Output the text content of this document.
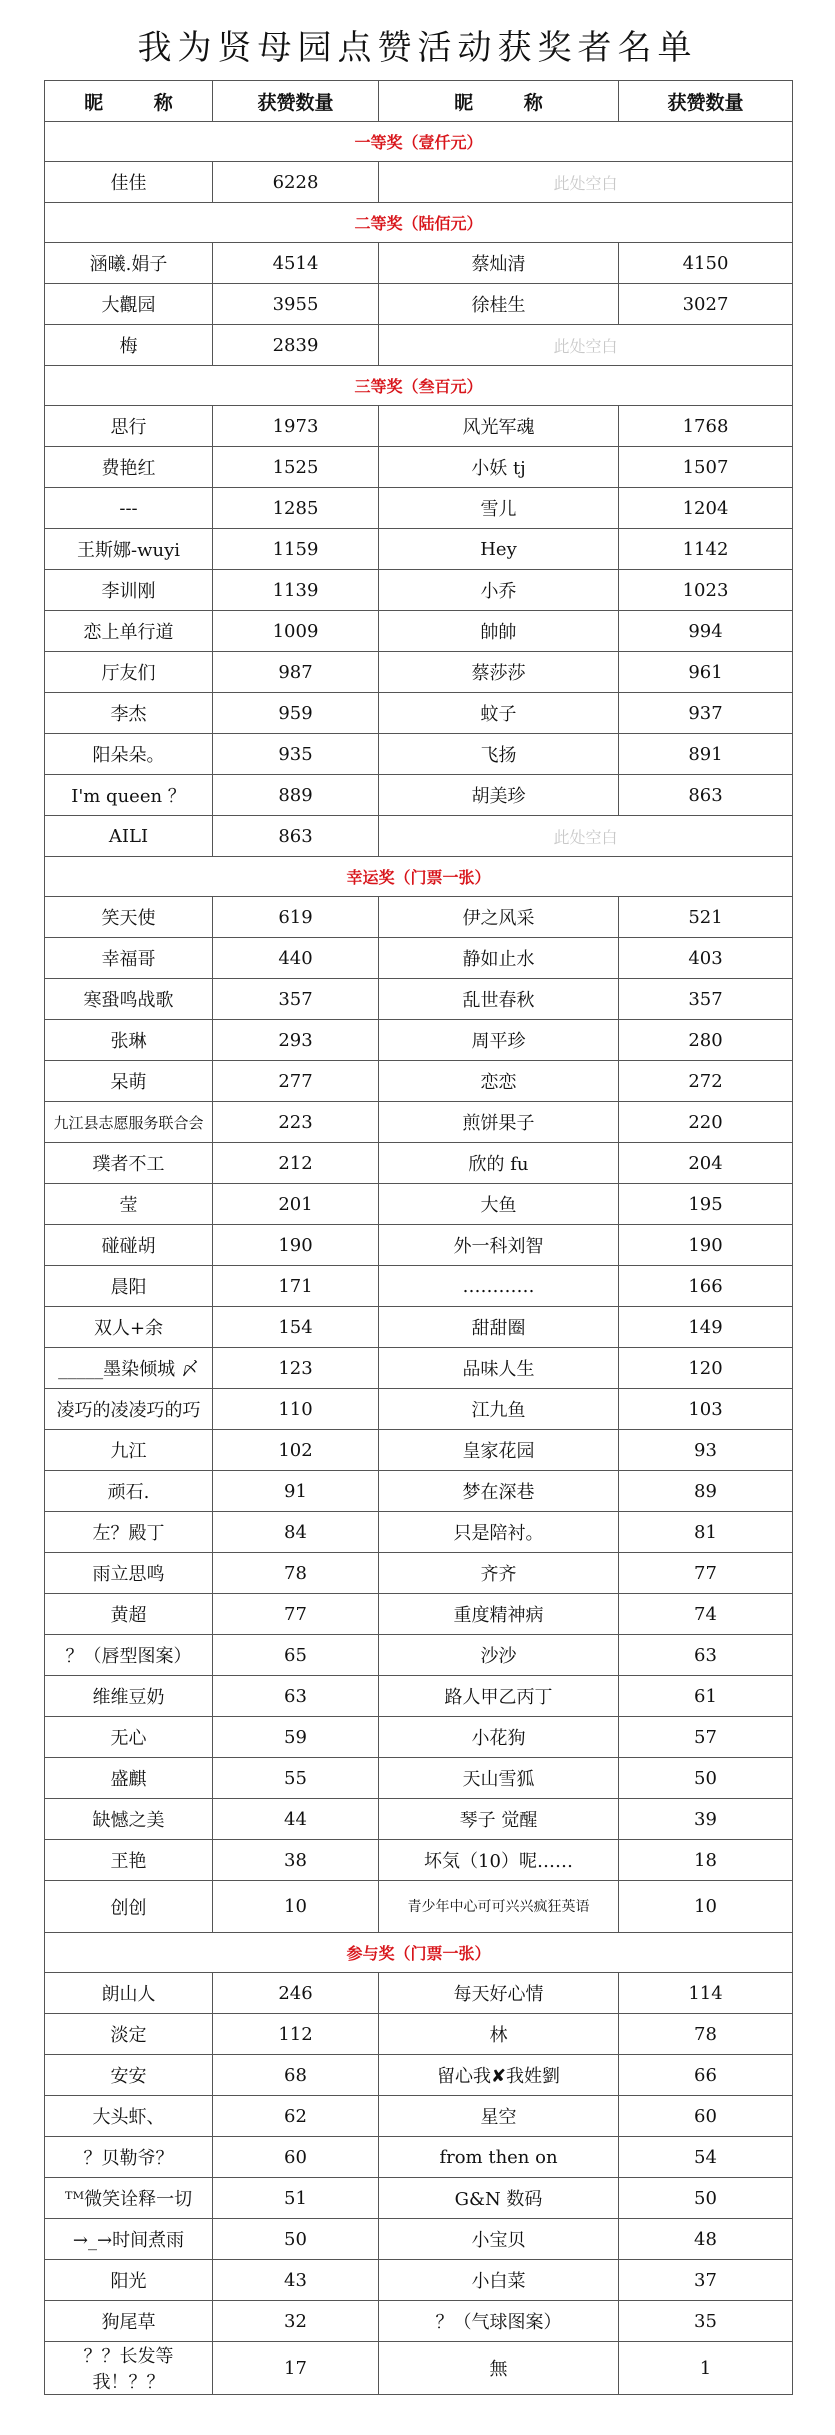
我为贤母园点赞活动获奖者名单
昵 称	获赞数量	昵 称	获赞数量
一等奖（壹仟元）			
佳佳	6228	此处空白	
二等奖（陆佰元）			
涵曦.娟子	4514	蔡灿清	4150
大觀园	3955	徐桂生	3027
梅	2839	此处空白	
三等奖（叁百元）			
思行	1973	风光军魂	1768
费艳红	1525	小妖 tj	1507
---	1285	雪儿	1204
王斯娜-wuyi	1159	Hey	1142
李训刚	1139	小乔	1023
恋上单行道	1009	帥帥	994
厅友们	987	蔡莎莎	961
李杰	959	蚊子	937
阳朵朵。	935	飞扬	891
I'm queen ？	889	胡美珍	863
AILI	863	此处空白	
幸运奖（门票一张）			
笑天使	619	伊之风采	521
幸福哥	440	静如止水	403
寒蛩鸣战歌	357	乱世春秋	357
张琳	293	周平珍	280
呆萌	277	恋恋	272
九江县志愿服务联合会	223	煎饼果子	220
璞者不工	212	欣的 fu	204
莹	201	大鱼	195
碰碰胡	190	外一科刘智	190
晨阳	171	…………	166
双人+余	154	甜甜圈	149
_____墨染倾城 〆	123	品味人生	120
凌巧的凌凌巧的巧	110	江九鱼	103
九江	102	皇家花园	93
顽石.	91	梦在深巷	89
左？殿丁	84	只是陪衬。	81
雨立思鸣	78	齐齐	77
黄超	77	重度精神病	74
？（唇型图案）	65	沙沙	63
维维豆奶	63	路人甲乙丙丁	61
无心	59	小花狗	57
盛麒	55	天山雪狐	50
缺憾之美	44	琴子 觉醒	39
玊艳	38	坏気（10）呢……	18
创创	10	青少年中心可可兴兴疯狂英语	10
参与奖（门票一张）			
朗山人	246	每天好心情	114
淡定	112	林	78
安安	68	留心我✘我姓劉	66
大头虾、	62	星空	60
？贝勒爷？	60	from then on	54
ᵀᴹ微笑诠释一切	51	G&N 数码	50
→_→时间煮雨	50	小宝贝	48
阳光	43	小白菜	37
狗尾草	32	？（气球图案）	35
？？长发等我！？？	17	無	1
